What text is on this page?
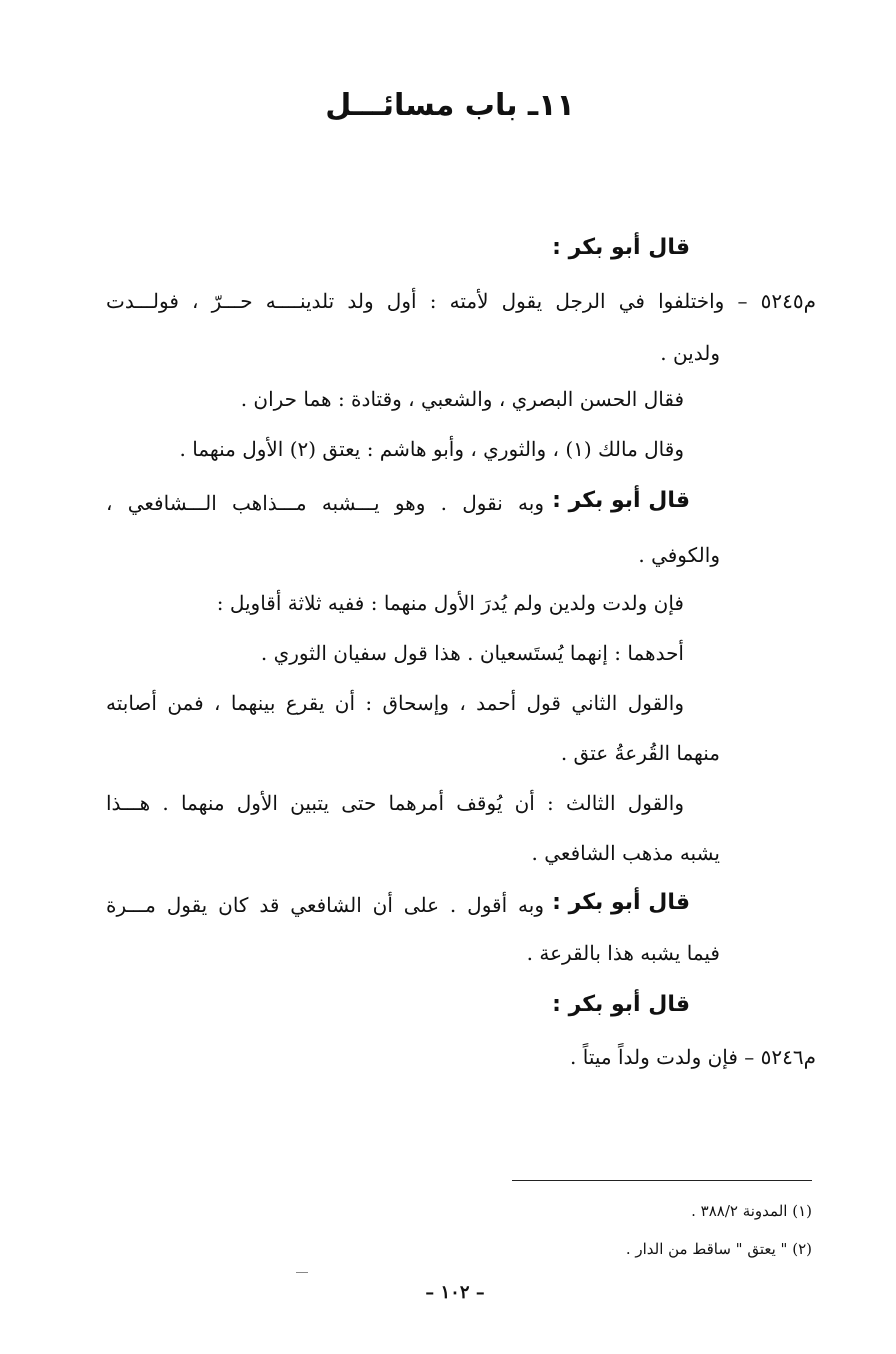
١١ـ باب مسائـــل
قال أبو بكر :
م٥٢٤٥ – واختلفوا في الرجل يقول لأمته : أول ولد تلدينــــه حـــرّ ، فولـــدت
ولدين .
فقال الحسن البصري ، والشعبي ، وقتادة : هما حران .
وقال مالك (١) ، والثوري ، وأبو هاشم : يعتق (٢) الأول منهما .
قال أبو بكر :
وبه نقول . وهو يـــشبه مـــذاهب الـــشافعي ،
والكوفي .
فإن ولدت ولدين ولم يُدرَ الأول منهما : ففيه ثلاثة أقاويل :
أحدهما : إنهما يُستَسعيان . هذا قول سفيان الثوري .
والقول الثاني قول أحمد ، وإسحاق : أن يقرع بينهما ، فمن أصابته
منهما القُرعةُ عتق .
والقول الثالث : أن يُوقف أمرهما حتى يتبين الأول منهما . هـــذا
يشبه مذهب الشافعي .
قال أبو بكر :
وبه أقول . على أن الشافعي قد كان يقول مـــرة
فيما يشبه هذا بالقرعة .
قال أبو بكر :
م٥٢٤٦ – فإن ولدت ولداً ميتاً .
(١) المدونة ٣٨٨/٢ .
(٢) " يعتق " ساقط من الدار .
– ١٠٢ –
